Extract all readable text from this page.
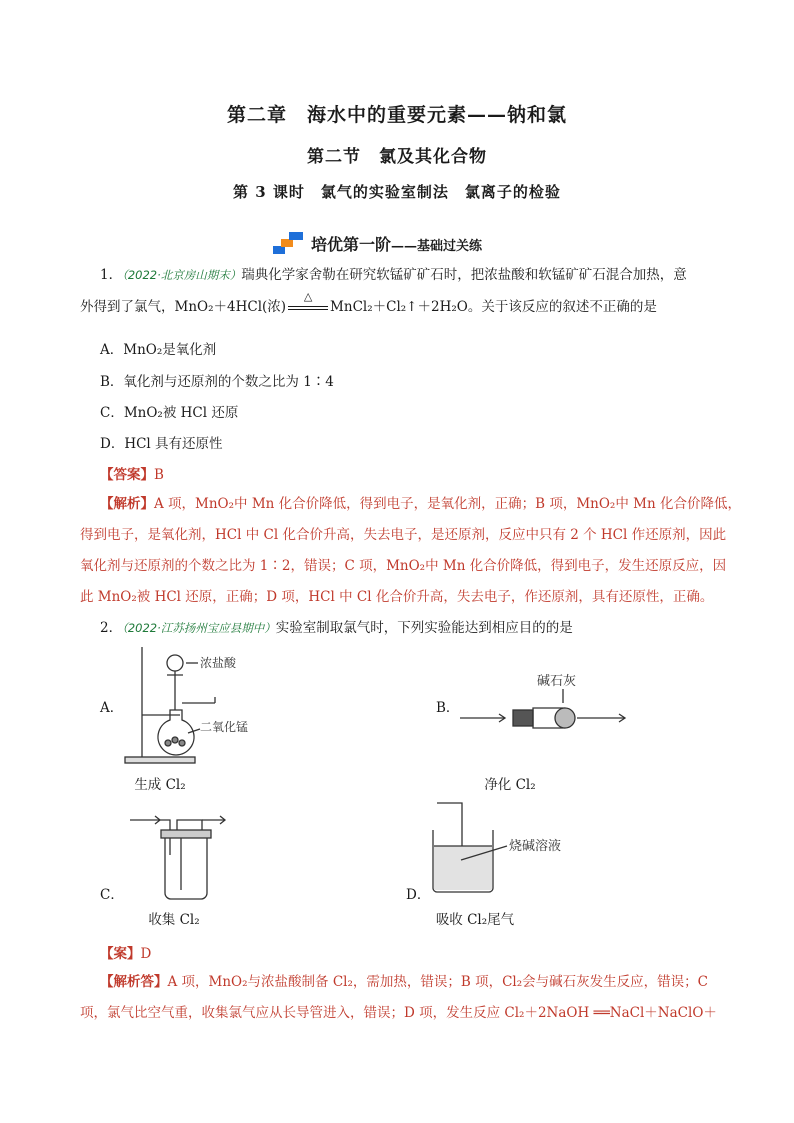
第二章　海水中的重要元素——钠和氯
第二节　氯及其化合物
第 3 课时　氯气的实验室制法　氯离子的检验
培优第一阶——基础过关练
1．（2022·北京房山期末）瑞典化学家舍勒在研究软锰矿矿石时，把浓盐酸和软锰矿矿石混合加热，意
外得到了氯气，MnO₂＋4HCl(浓)
△
MnCl₂＋Cl₂↑＋2H₂O。关于该反应的叙述不正确的是
A．MnO₂是氧化剂
B．氧化剂与还原剂的个数之比为 1∶4
C．MnO₂被 HCl 还原
D．HCl 具有还原性
【答案】B
【解析】A 项，MnO₂中 Mn 化合价降低，得到电子，是氧化剂，正确；B 项，MnO₂中 Mn 化合价降低，
得到电子，是氧化剂，HCl 中 Cl 化合价升高，失去电子，是还原剂，反应中只有 2 个 HCl 作还原剂，因此
氧化剂与还原剂的个数之比为 1∶2，错误；C 项，MnO₂中 Mn 化合价降低，得到电子，发生还原反应，因
此 MnO₂被 HCl 还原，正确；D 项，HCl 中 Cl 化合价升高，失去电子，作还原剂，具有还原性，正确。
2．（2022·江苏扬州宝应县期中）实验室制取氯气时，下列实验能达到相应目的的是
A．
浓盐酸
二氧化锰
生成 Cl₂
B．
碱石灰
净化 Cl₂
C．
收集 Cl₂
烧碱溶液
D．
吸收 Cl₂尾气
【案】D
【解析答】A 项，MnO₂与浓盐酸制备 Cl₂，需加热，错误；B 项，Cl₂会与碱石灰发生反应，错误；C
项，氯气比空气重，收集氯气应从长导管进入，错误；D 项，发生反应 Cl₂＋2NaOH ══NaCl＋NaClO＋
